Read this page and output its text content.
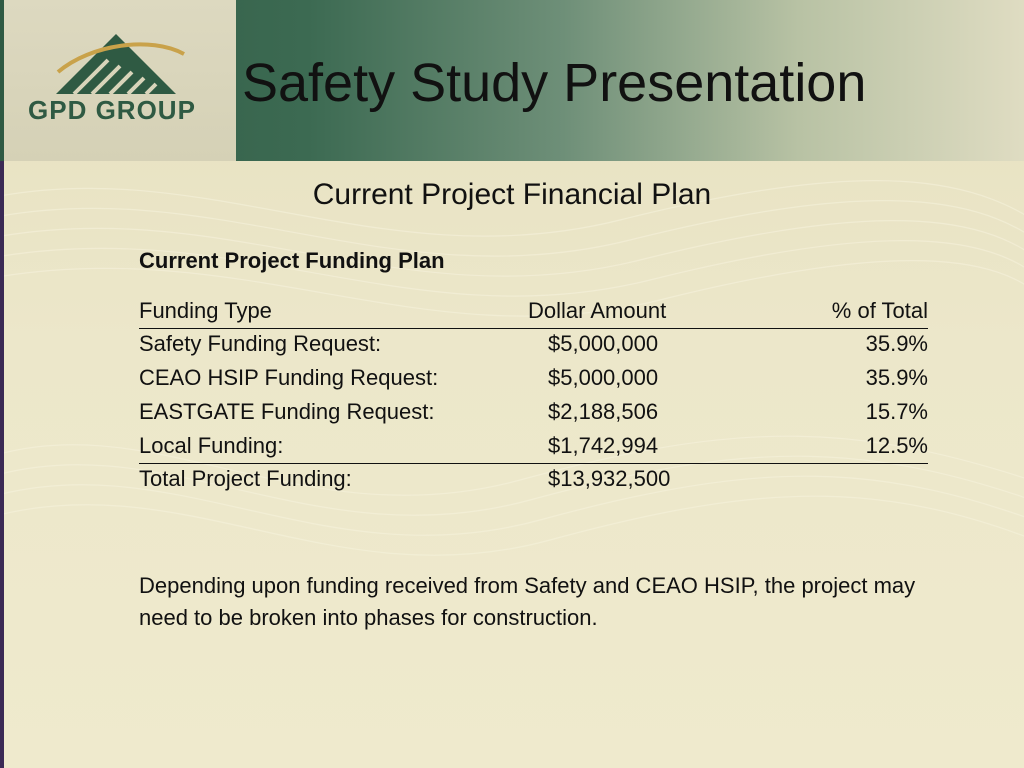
GPD GROUP Safety Study Presentation
Current Project Financial Plan
Current Project Funding Plan
Funding Type	Dollar Amount	% of Total
Safety Funding Request:	$5,000,000	35.9%
CEAO HSIP Funding Request:	$5,000,000	35.9%
EASTGATE Funding Request:	$2,188,506	15.7%
Local Funding:	$1,742,994	12.5%
Total Project Funding:	$13,932,500
Depending upon funding received from Safety and CEAO HSIP, the project may need to be broken into phases for construction.
